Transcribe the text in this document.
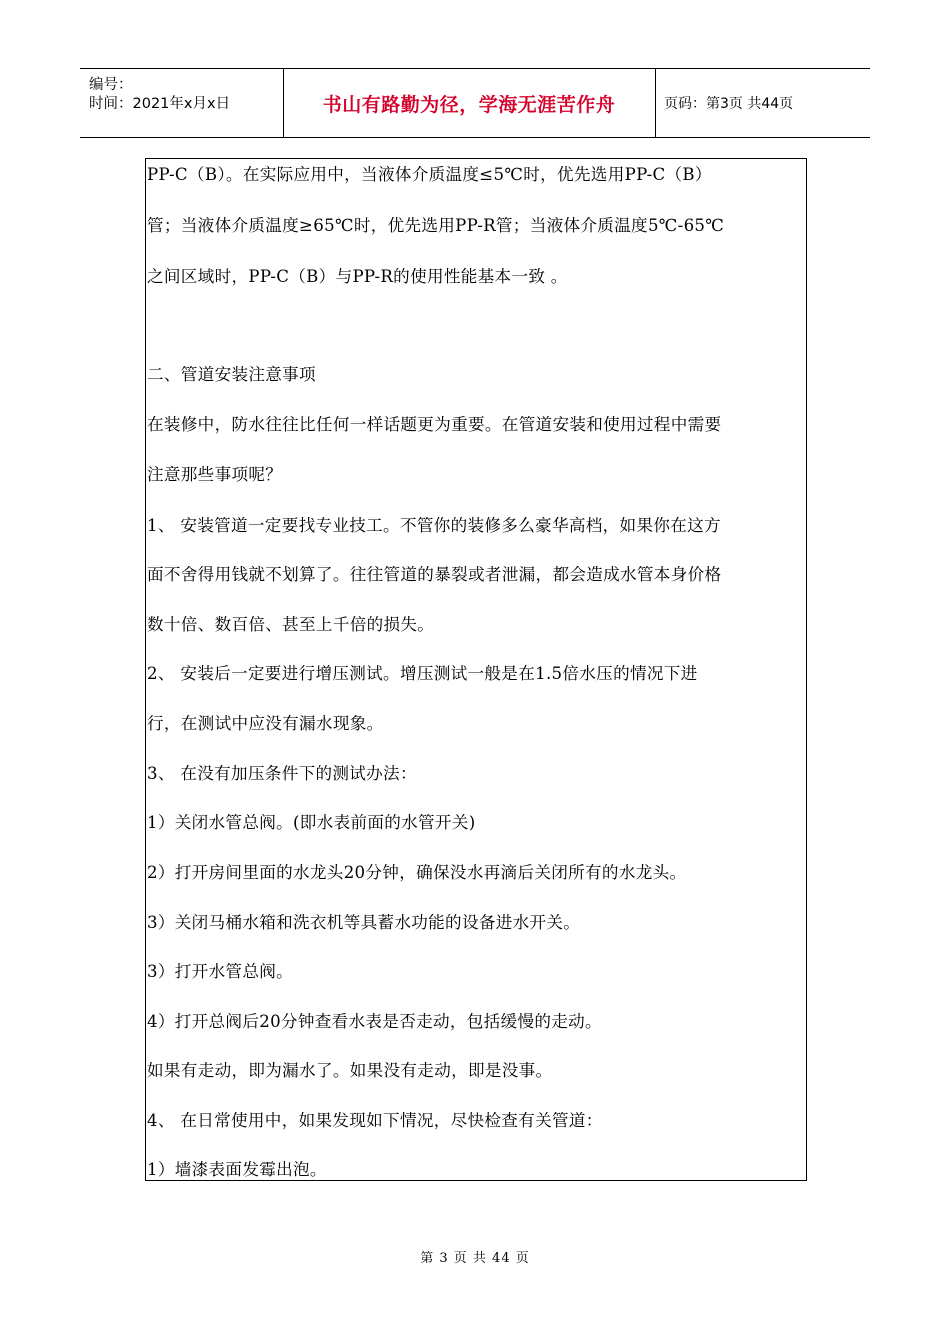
编号：
时间：2021年x月x日	书山有路勤为径，学海无涯苦作舟	页码：第3页 共44页
PP-C（B）。在实际应用中，当液体介质温度≤5℃时，优先选用PP-C（B）
管；当液体介质温度≥65℃时，优先选用PP-R管；当液体介质温度5℃-65℃
之间区域时，PP-C（B）与PP-R的使用性能基本一致 。
二、管道安装注意事项
在装修中，防水往往比任何一样话题更为重要。在管道安装和使用过程中需要
注意那些事项呢？
1、 安装管道一定要找专业技工。不管你的装修多么豪华高档，如果你在这方
面不舍得用钱就不划算了。往往管道的暴裂或者泄漏，都会造成水管本身价格
数十倍、数百倍、甚至上千倍的损失。
2、 安装后一定要进行增压测试。增压测试一般是在1.5倍水压的情况下进
行，在测试中应没有漏水现象。
3、 在没有加压条件下的测试办法：
1）关闭水管总阀。(即水表前面的水管开关)
2）打开房间里面的水龙头20分钟，确保没水再滴后关闭所有的水龙头。
3）关闭马桶水箱和洗衣机等具蓄水功能的设备进水开关。
3）打开水管总阀。
4）打开总阀后20分钟查看水表是否走动，包括缓慢的走动。
如果有走动，即为漏水了。如果没有走动，即是没事。
4、 在日常使用中，如果发现如下情况，尽快检查有关管道：
1）墙漆表面发霉出泡。
第 3 页 共 44 页
